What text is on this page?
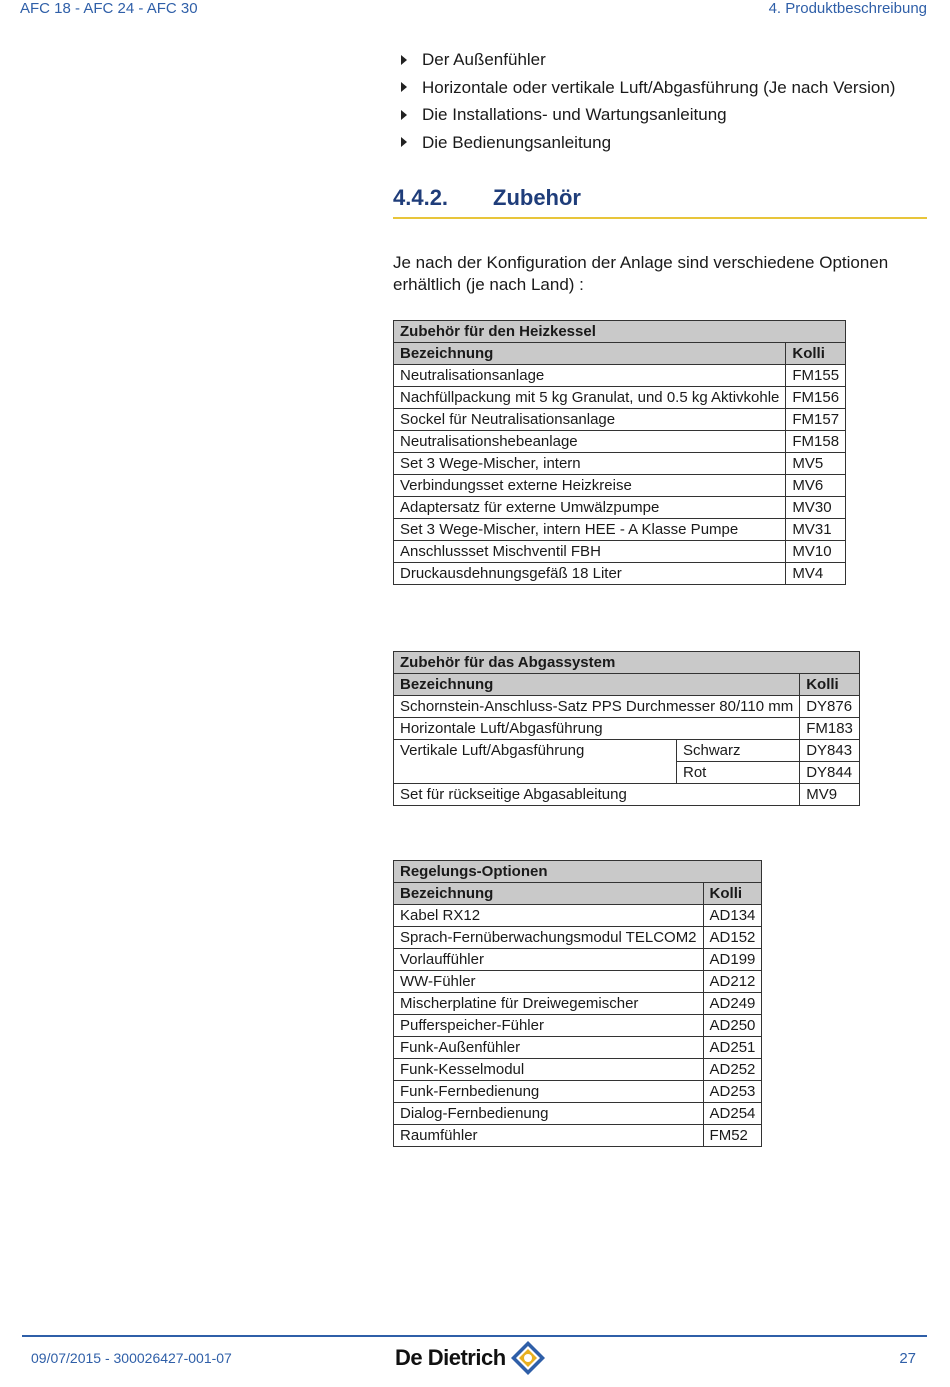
AFC 18 - AFC 24 - AFC 30	4. Produktbeschreibung
Der Außenfühler
Horizontale oder vertikale Luft/Abgasführung (Je nach Version)
Die Installations- und Wartungsanleitung
Die Bedienungsanleitung
4.4.2. Zubehör
Je nach der Konfiguration der Anlage sind verschiedene Optionen erhältlich (je nach Land) :
Zubehör für den Heizkessel	
Bezeichnung	Kolli
Neutralisationsanlage	FM155
Nachfüllpackung mit 5 kg Granulat, und 0.5 kg Aktivkohle	FM156
Sockel für Neutralisationsanlage	FM157
Neutralisationshebeanlage	FM158
Set 3 Wege-Mischer, intern	MV5
Verbindungsset externe Heizkreise	MV6
Adaptersatz für externe Umwälzpumpe	MV30
Set 3 Wege-Mischer, intern HEE - A Klasse Pumpe	MV31
Anschlussset Mischventil FBH	MV10
Druckausdehnungsgefäß 18 Liter	MV4
Zubehör für das Abgassystem		
Bezeichnung		Kolli
Schornstein-Anschluss-Satz PPS Durchmesser 80/110 mm		DY876
Horizontale Luft/Abgasführung		FM183
Vertikale Luft/Abgasführung	Schwarz	DY843
	Rot	DY844
Set für rückseitige Abgasableitung		MV9
Regelungs-Optionen	
Bezeichnung	Kolli
Kabel RX12	AD134
Sprach-Fernüberwachungsmodul TELCOM2	AD152
Vorlauffühler	AD199
WW-Fühler	AD212
Mischerplatine für Dreiwegemischer	AD249
Pufferspeicher-Fühler	AD250
Funk-Außenfühler	AD251
Funk-Kesselmodul	AD252
Funk-Fernbedienung	AD253
Dialog-Fernbedienung	AD254
Raumfühler	FM52
09/07/2015 - 300026427-001-07	De Dietrich	27
